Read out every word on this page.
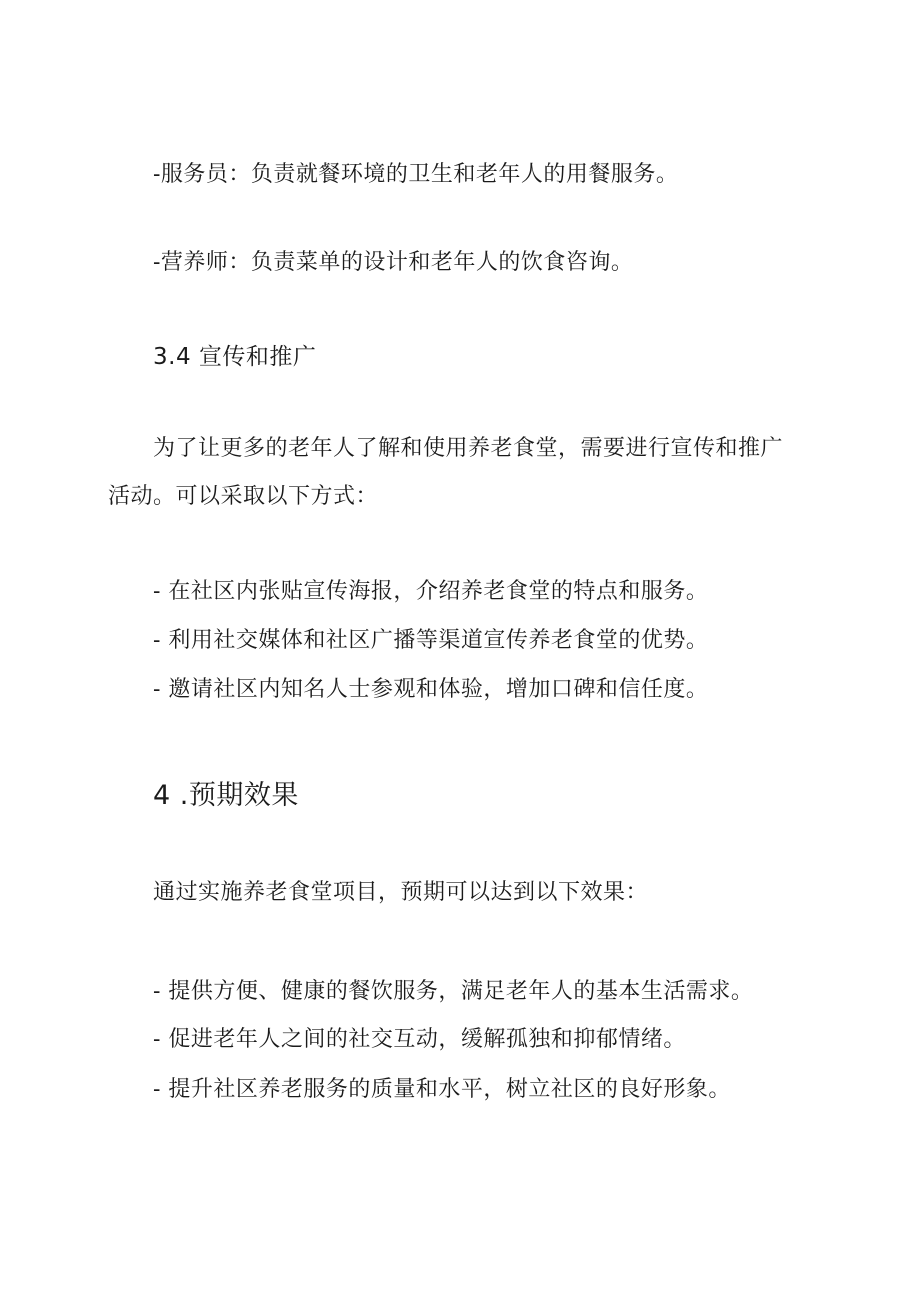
-服务员：负责就餐环境的卫生和老年人的用餐服务。

-营养师：负责菜单的设计和老年人的饮食咨询。

3.4 宣传和推广

为了让更多的老年人了解和使用养老食堂，需要进行宣传和推广

活动。可以采取以下方式：

- 在社区内张贴宣传海报，介绍养老食堂的特点和服务。

- 利用社交媒体和社区广播等渠道宣传养老食堂的优势。

- 邀请社区内知名人士参观和体验，增加口碑和信任度。

4 .预期效果

通过实施养老食堂项目，预期可以达到以下效果：

- 提供方便、健康的餐饮服务，满足老年人的基本生活需求。

- 促进老年人之间的社交互动，缓解孤独和抑郁情绪。

- 提升社区养老服务的质量和水平，树立社区的良好形象。
